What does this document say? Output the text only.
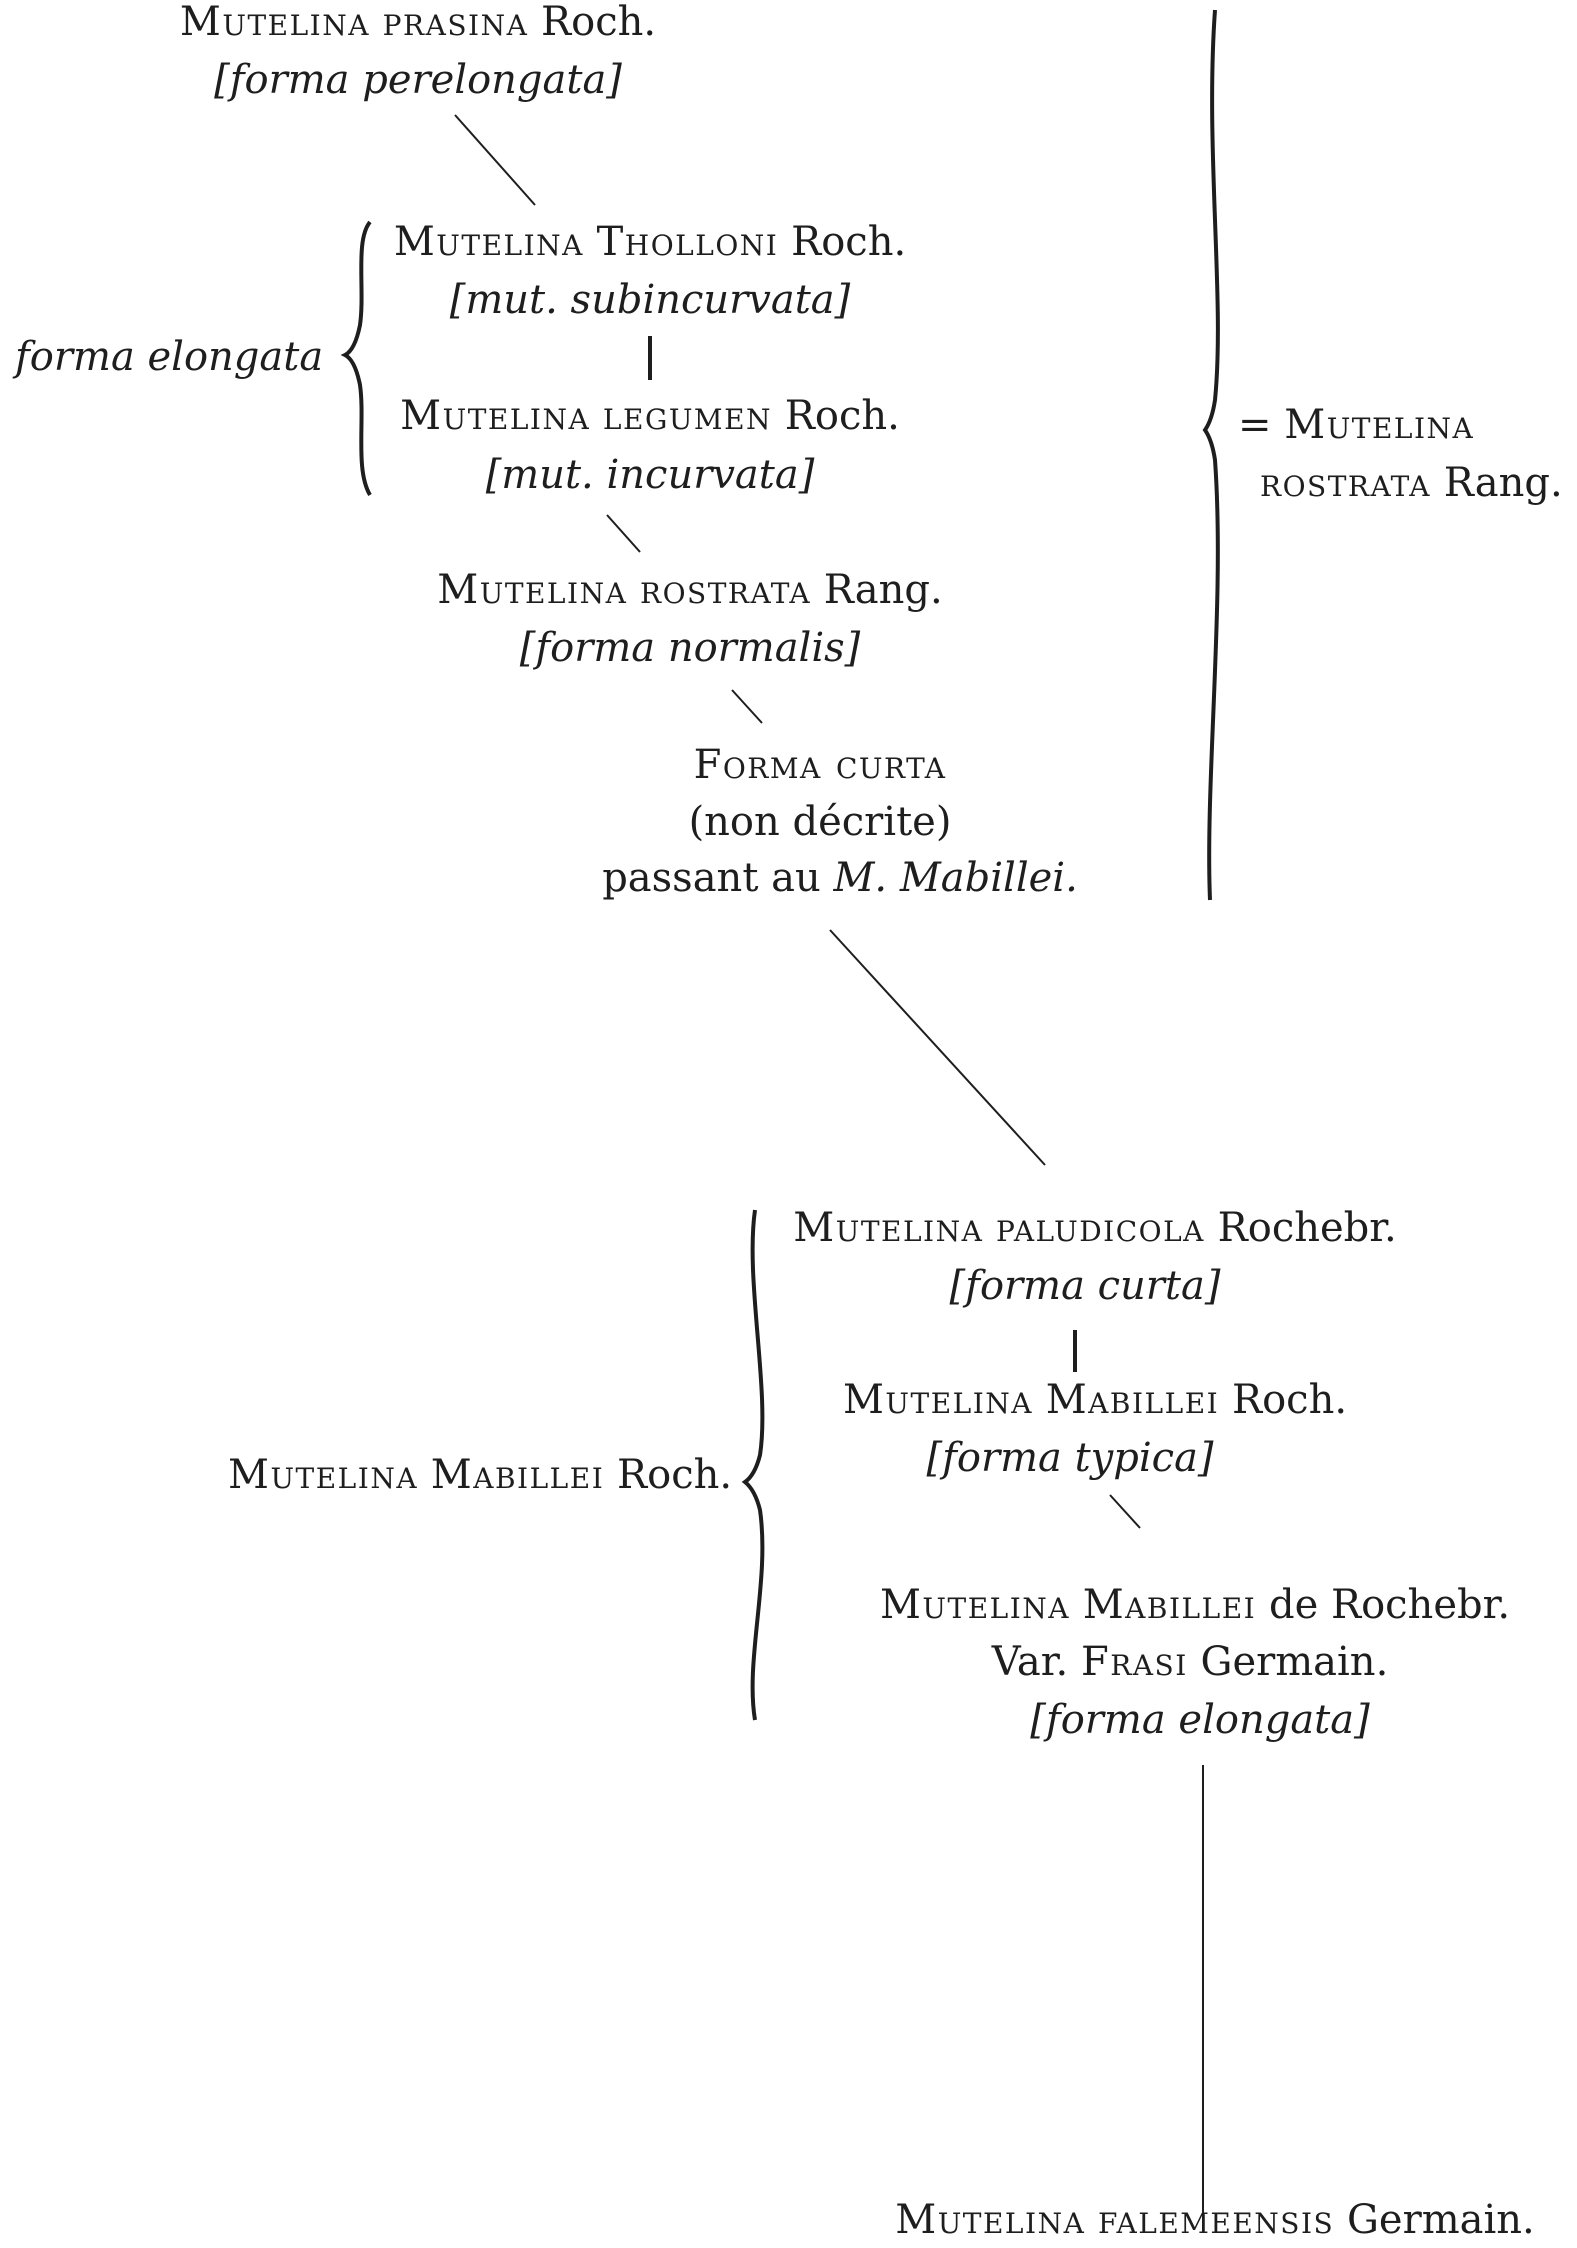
Mutelina prasina Roch.
[forma perelongata]
forma elongata
Mutelina Tholloni Roch.
[mut. subincurvata]
Mutelina legumen Roch.
[mut. incurvata]
Mutelina rostrata Rang.
[forma normalis]
Forma curta
(non décrite)
passant au M. Mabillei.
= Mutelina
rostrata Rang.
Mutelina Mabillei Roch.
Mutelina paludicola Rochebr.
[forma curta]
Mutelina Mabillei Roch.
[forma typica]
Mutelina Mabillei de Rochebr.
Var. Frasi Germain.
[forma elongata]
Mutelina falemeensis Germain.
